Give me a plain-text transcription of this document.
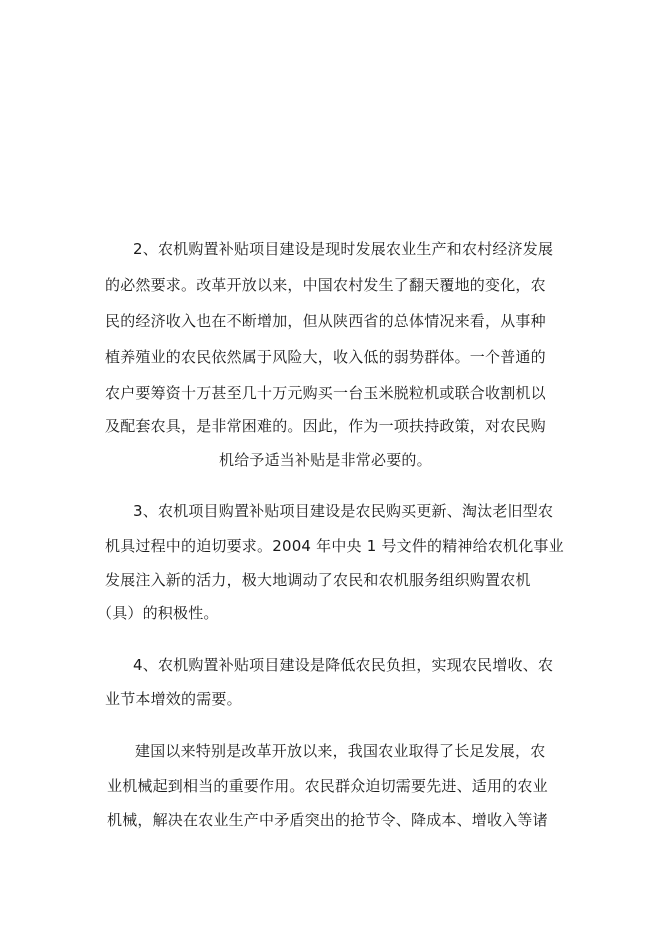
2、农机购置补贴项目建设是现时发展农业生产和农村经济发展
的必然要求。改革开放以来，中国农村发生了翻天覆地的变化，农
民的经济收入也在不断增加，但从陕西省的总体情况来看，从事种
植养殖业的农民依然属于风险大，收入低的弱势群体。一个普通的
农户要筹资十万甚至几十万元购买一台玉米脱粒机或联合收割机以
及配套农具，是非常困难的。因此，作为一项扶持政策，对农民购
机给予适当补贴是非常必要的。
3、农机项目购置补贴项目建设是农民购买更新、淘汰老旧型农
机具过程中的迫切要求。2004 年中央 1 号文件的精神给农机化事业
发展注入新的活力，极大地调动了农民和农机服务组织购置农机
（具）的积极性。
4、农机购置补贴项目建设是降低农民负担，实现农民增收、农
业节本增效的需要。
建国以来特别是改革开放以来，我国农业取得了长足发展，农
业机械起到相当的重要作用。农民群众迫切需要先进、适用的农业
机械，解决在农业生产中矛盾突出的抢节令、降成本、增收入等诸
